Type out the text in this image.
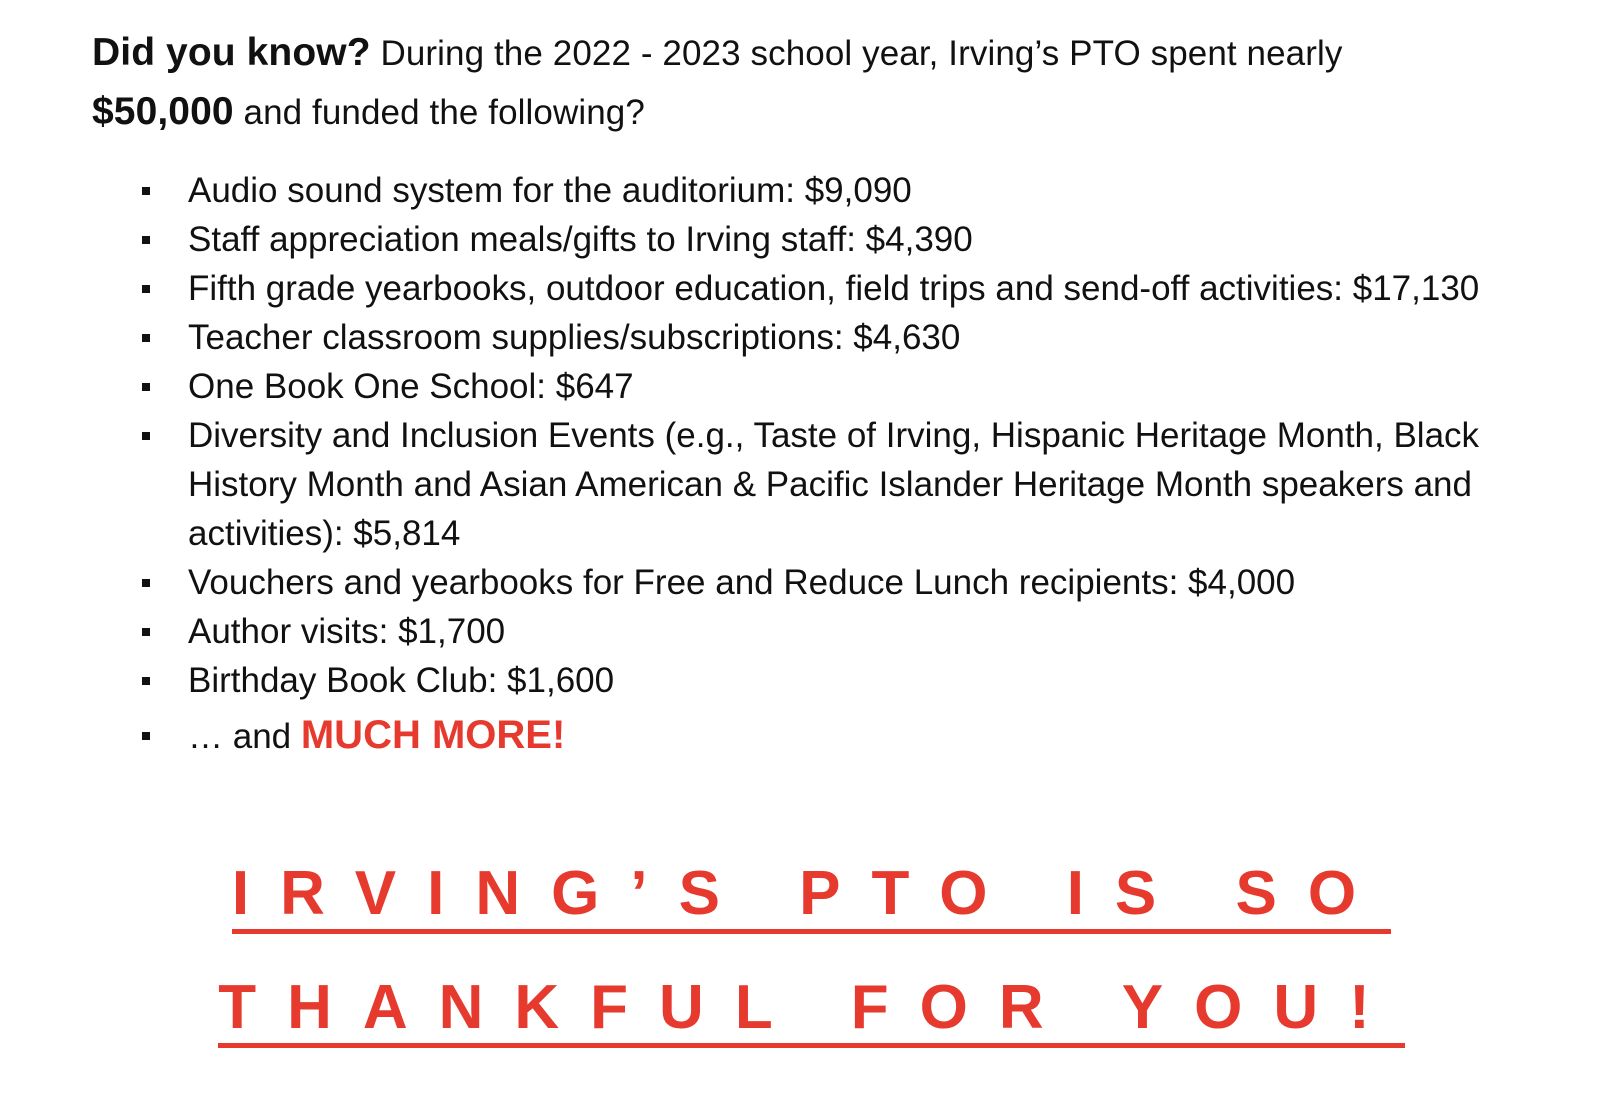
Did you know? During the 2022 - 2023 school year, Irving’s PTO spent nearly
$50,000 and funded the following?
Audio sound system for the auditorium: $9,090
Staff appreciation meals/gifts to Irving staff: $4,390
Fifth grade yearbooks, outdoor education, field trips and send-off activities: $17,130
Teacher classroom supplies/subscriptions: $4,630
One Book One School: $647
Diversity and Inclusion Events (e.g., Taste of Irving, Hispanic Heritage Month, Black History Month and Asian American & Pacific Islander Heritage Month speakers and activities): $5,814
Vouchers and yearbooks for Free and Reduce Lunch recipients: $4,000
Author visits: $1,700
Birthday Book Club: $1,600
… and MUCH MORE!
IRVING’S PTO IS SO
THANKFUL FOR YOU!
